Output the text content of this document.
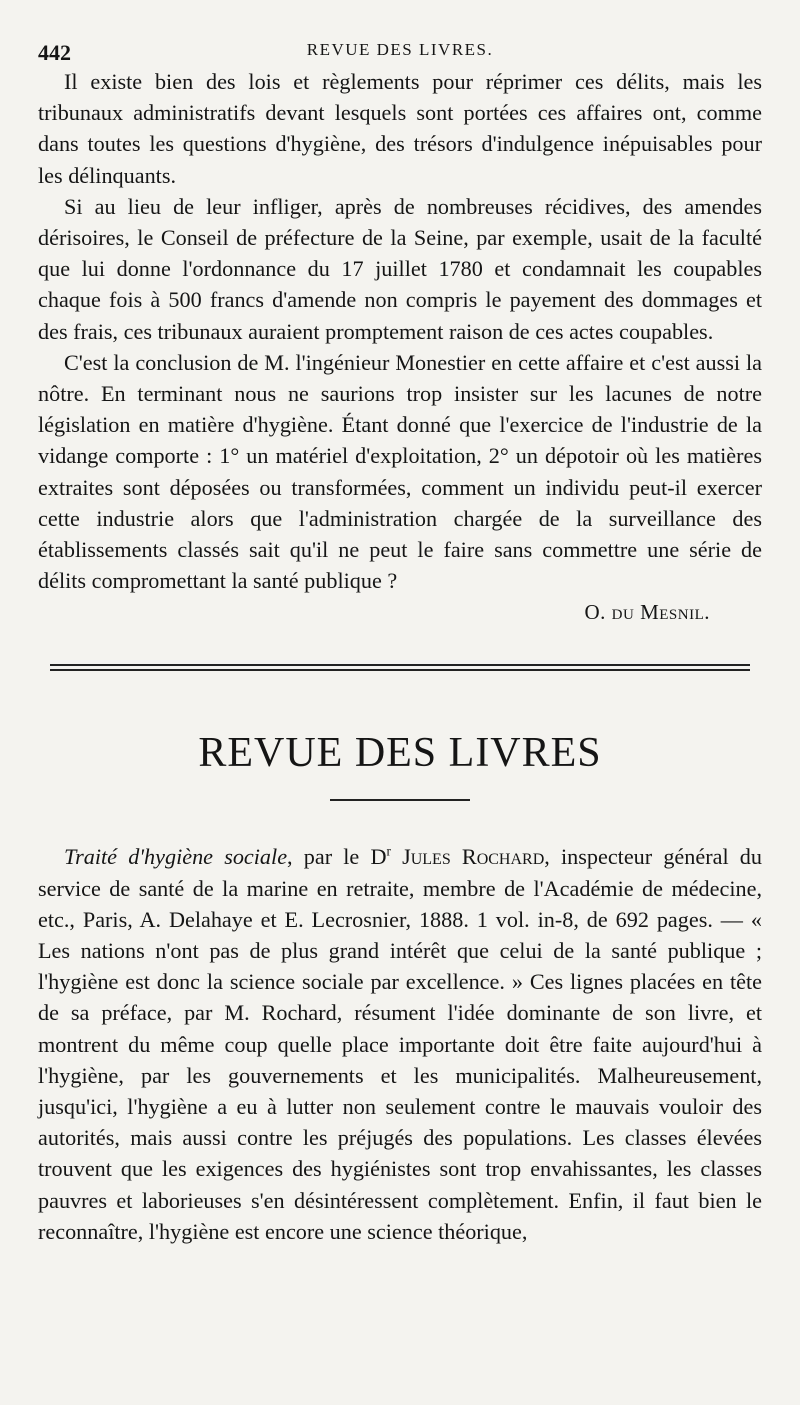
442	REVUE DES LIVRES.

Il existe bien des lois et règlements pour réprimer ces délits, mais les tribunaux administratifs devant lesquels sont portées ces affaires ont, comme dans toutes les questions d'hygiène, des trésors d'indulgence inépuisables pour les délinquants.

Si au lieu de leur infliger, après de nombreuses récidives, des amendes dérisoires, le Conseil de préfecture de la Seine, par exemple, usait de la faculté que lui donne l'ordonnance du 17 juillet 1780 et condamnait les coupables chaque fois à 500 francs d'amende non compris le payement des dommages et des frais, ces tribunaux auraient promptement raison de ces actes coupables.

C'est la conclusion de M. l'ingénieur Monestier en cette affaire et c'est aussi la nôtre. En terminant nous ne saurions trop insister sur les lacunes de notre législation en matière d'hygiène. Étant donné que l'exercice de l'industrie de la vidange comporte : 1° un matériel d'exploitation, 2° un dépotoir où les matières extraites sont déposées ou transformées, comment un individu peut-il exercer cette industrie alors que l'administration chargée de la surveillance des établissements classés sait qu'il ne peut le faire sans commettre une série de délits compromettant la santé publique ?

O. du Mesnil.
REVUE DES LIVRES

Traité d'hygiène sociale, par le $D^r$ Jules Rochard, inspecteur général du service de santé de la marine en retraite, membre de l'Académie de médecine, etc., Paris, A. Delahaye et E. Lecrosnier, 1888. 1 vol. in-8, de 692 pages. — « Les nations n'ont pas de plus grand intérêt que celui de la santé publique ; l'hygiène est donc la science sociale par excellence. » Ces lignes placées en tête de sa préface, par M. Rochard, résument l'idée dominante de son livre, et montrent du même coup quelle place importante doit être faite aujourd'hui à l'hygiène, par les gouvernements et les municipalités. Malheureusement, jusqu'ici, l'hygiène a eu à lutter non seulement contre le mauvais vouloir des autorités, mais aussi contre les préjugés des populations. Les classes élevées trouvent que les exigences des hygiénistes sont trop envahissantes, les classes pauvres et laborieuses s'en désintéressent complètement. Enfin, il faut bien le reconnaître, l'hygiène est encore une science théorique,
